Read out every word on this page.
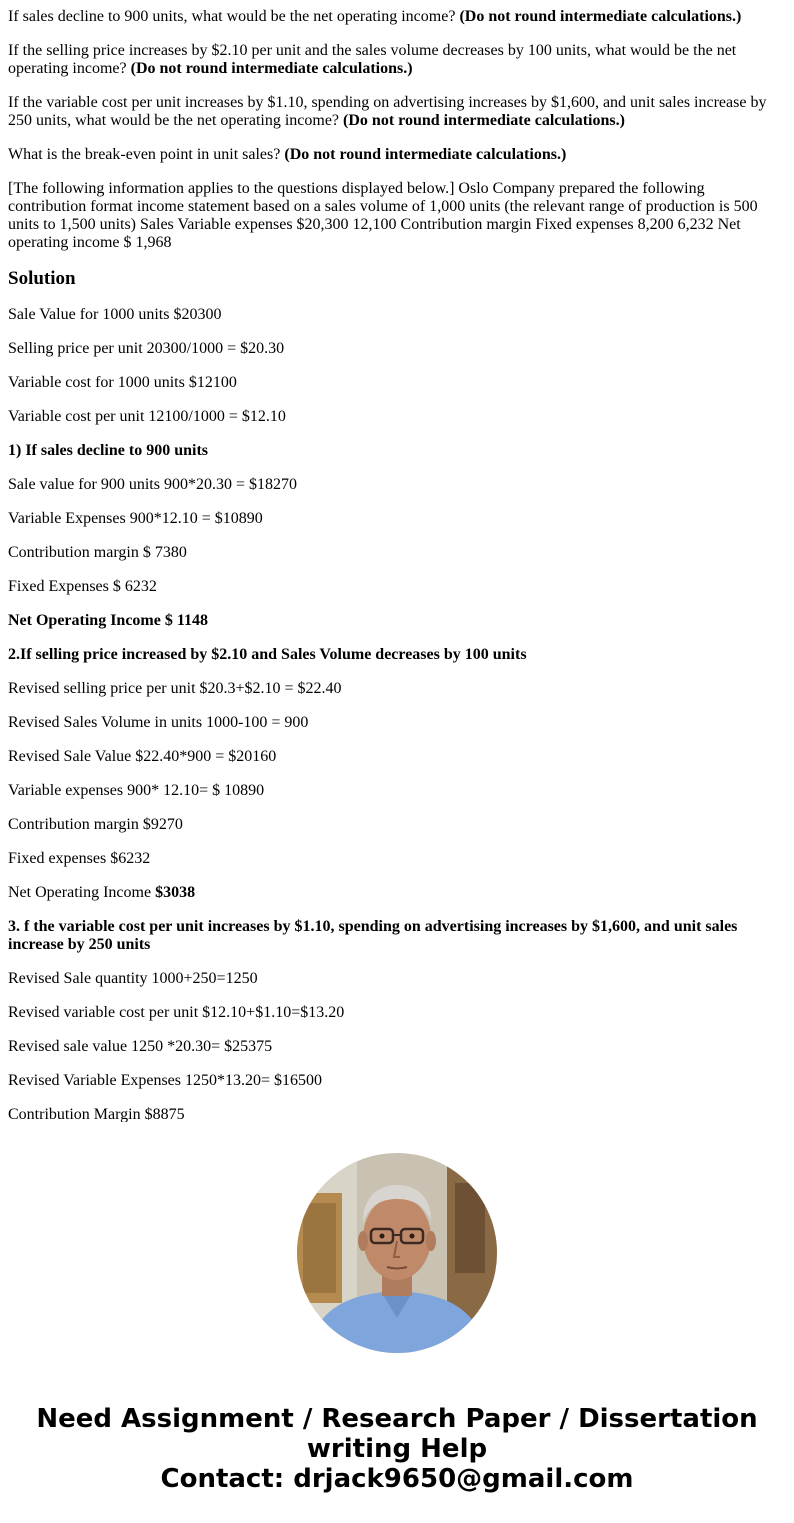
If sales decline to 900 units, what would be the net operating income? (Do not round intermediate calculations.)

If the selling price increases by $2.10 per unit and the sales volume decreases by 100 units, what would be the net operating income? (Do not round intermediate calculations.)

If the variable cost per unit increases by $1.10, spending on advertising increases by $1,600, and unit sales increase by 250 units, what would be the net operating income? (Do not round intermediate calculations.)

What is the break-even point in unit sales? (Do not round intermediate calculations.)

[The following information applies to the questions displayed below.] Oslo Company prepared the following contribution format income statement based on a sales volume of 1,000 units (the relevant range of production is 500 units to 1,500 units) Sales Variable expenses $20,300 12,100 Contribution margin Fixed expenses 8,200 6,232 Net operating income $ 1,968

Solution

Sale Value for 1000 units $20300

Selling price per unit 20300/1000 = $20.30

Variable cost for 1000 units $12100

Variable cost per unit 12100/1000 = $12.10

1) If sales decline to 900 units

Sale value for 900 units 900*20.30 = $18270

Variable Expenses 900*12.10 = $10890

Contribution margin $ 7380

Fixed Expenses $ 6232

Net Operating Income $ 1148

2.If selling price increased by $2.10 and Sales Volume decreases by 100 units

Revised selling price per unit $20.3+$2.10 = $22.40

Revised Sales Volume in units 1000-100 = 900

Revised Sale Value $22.40*900 = $20160

Variable expenses 900* 12.10= $ 10890

Contribution margin $9270

Fixed expenses $6232

Net Operating Income $3038

3. f the variable cost per unit increases by $1.10, spending on advertising increases by $1,600, and unit sales increase by 250 units

Revised Sale quantity 1000+250=1250

Revised variable cost per unit $12.10+$1.10=$13.20

Revised sale value 1250 *20.30= $25375

Revised Variable Expenses 1250*13.20= $16500

Contribution Margin $8875

Need Assignment / Research Paper / Dissertation
writing Help
Contact: drjack9650@gmail.com
